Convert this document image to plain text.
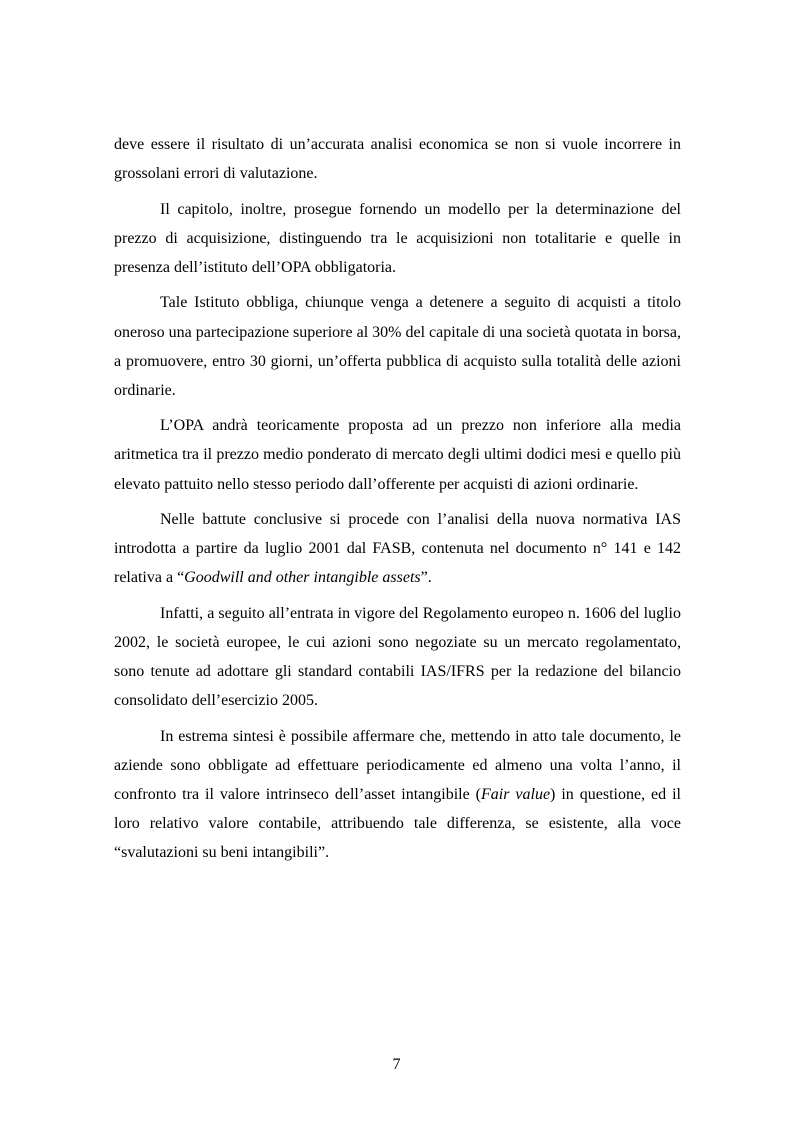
deve essere il risultato di un’accurata analisi economica se non si vuole incorrere in grossolani errori di valutazione.

Il capitolo, inoltre, prosegue fornendo un modello per la determinazione del prezzo di acquisizione, distinguendo tra le acquisizioni non totalitarie e quelle in presenza dell’istituto dell’OPA obbligatoria.

Tale Istituto obbliga, chiunque venga a detenere a seguito di acquisti a titolo oneroso una partecipazione superiore al 30% del capitale di una società quotata in borsa, a promuovere, entro 30 giorni, un’offerta pubblica di acquisto sulla totalità delle azioni ordinarie.

L’OPA andrà teoricamente proposta ad un prezzo non inferiore alla media aritmetica tra il prezzo medio ponderato di mercato degli ultimi dodici mesi e quello più elevato pattuito nello stesso periodo dall’offerente per acquisti di azioni ordinarie.

Nelle battute conclusive si procede con l’analisi della nuova normativa IAS introdotta a partire da luglio 2001 dal FASB, contenuta nel documento n° 141 e 142 relativa a “Goodwill and other intangible assets”.

Infatti, a seguito all’entrata in vigore del Regolamento europeo n. 1606 del luglio 2002, le società europee, le cui azioni sono negoziate su un mercato regolamentato, sono tenute ad adottare gli standard contabili IAS/IFRS per la redazione del bilancio consolidato dell’esercizio 2005.

In estrema sintesi è possibile affermare che, mettendo in atto tale documento, le aziende sono obbligate ad effettuare periodicamente ed almeno una volta l’anno, il confronto tra il valore intrinseco dell’asset intangibile (Fair value) in questione, ed il loro relativo valore contabile, attribuendo tale differenza, se esistente, alla voce “svalutazioni su beni intangibili”.

7
